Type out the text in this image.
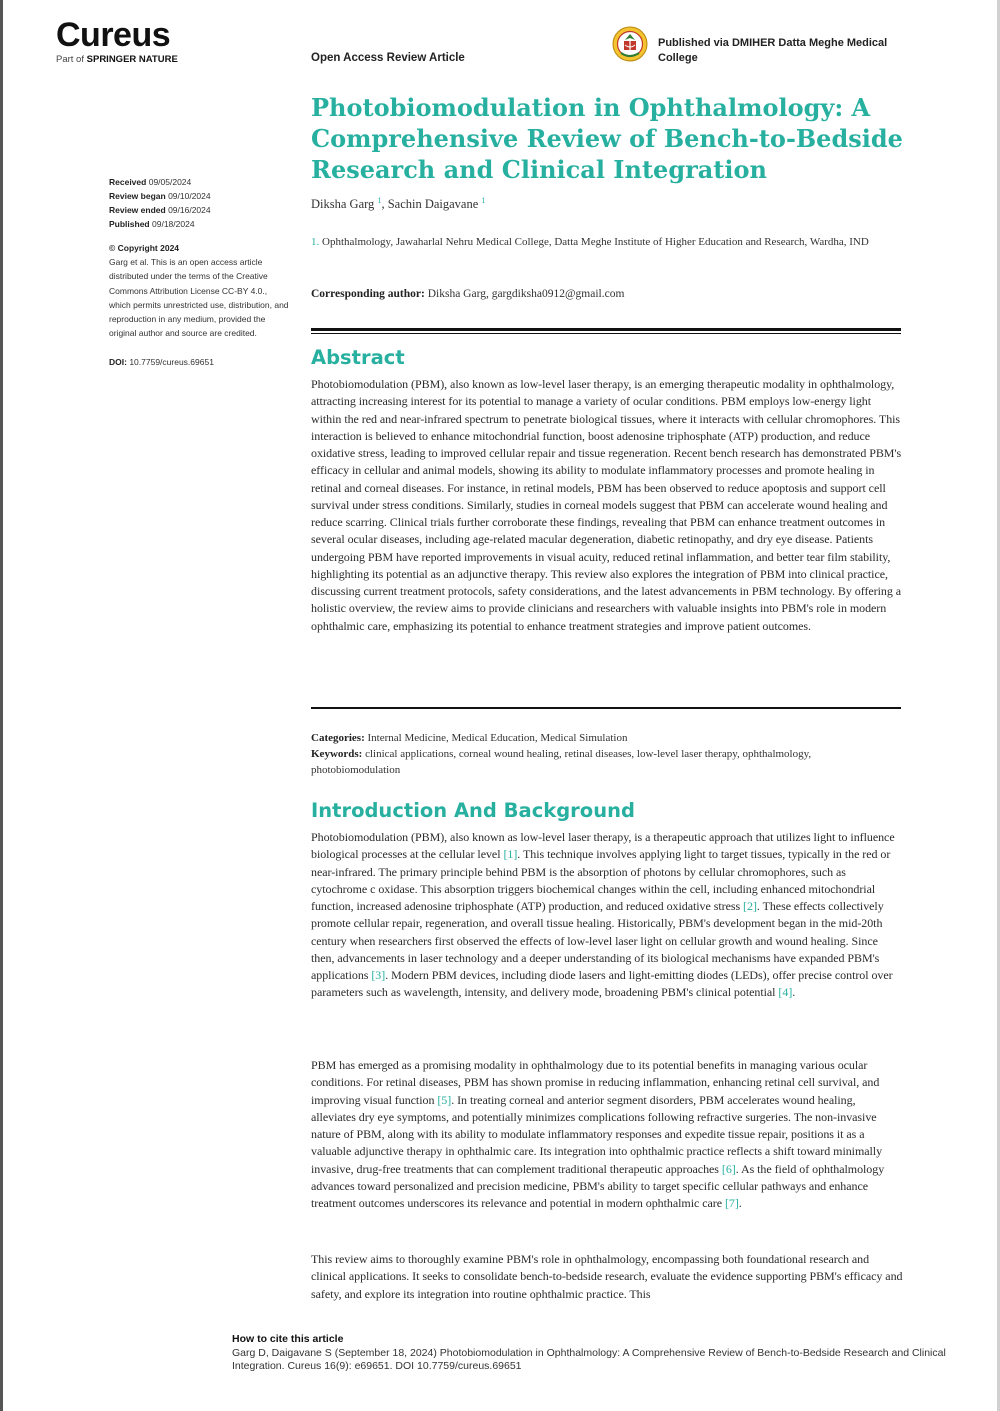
Cureus
Part of SPRINGER NATURE	Open Access Review Article
Published via DMIHER Datta Meghe Medical College
Photobiomodulation in Ophthalmology: A Comprehensive Review of Bench-to-Bedside Research and Clinical Integration
Diksha Garg $^1$, Sachin Daigavane $^1$
1. Ophthalmology, Jawaharlal Nehru Medical College, Datta Meghe Institute of Higher Education and Research, Wardha, IND
Corresponding author: Diksha Garg, gargdiksha0912@gmail.com
Received 09/05/2024
Review began 09/10/2024
Review ended 09/16/2024
Published 09/18/2024
© Copyright 2024
Garg et al. This is an open access article distributed under the terms of the Creative Commons Attribution License CC-BY 4.0., which permits unrestricted use, distribution, and reproduction in any medium, provided the original author and source are credited.
DOI: 10.7759/cureus.69651	Abstract

Photobiomodulation (PBM), also known as low-level laser therapy, is an emerging therapeutic modality in ophthalmology, attracting increasing interest for its potential to manage a variety of ocular conditions. PBM employs low-energy light within the red and near-infrared spectrum to penetrate biological tissues, where it interacts with cellular chromophores. This interaction is believed to enhance mitochondrial function, boost adenosine triphosphate (ATP) production, and reduce oxidative stress, leading to improved cellular repair and tissue regeneration. Recent bench research has demonstrated PBM's efficacy in cellular and animal models, showing its ability to modulate inflammatory processes and promote healing in retinal and corneal diseases. For instance, in retinal models, PBM has been observed to reduce apoptosis and support cell survival under stress conditions. Similarly, studies in corneal models suggest that PBM can accelerate wound healing and reduce scarring. Clinical trials further corroborate these findings, revealing that PBM can enhance treatment outcomes in several ocular diseases, including age-related macular degeneration, diabetic retinopathy, and dry eye disease. Patients undergoing PBM have reported improvements in visual acuity, reduced retinal inflammation, and better tear film stability, highlighting its potential as an adjunctive therapy. This review also explores the integration of PBM into clinical practice, discussing current treatment protocols, safety considerations, and the latest advancements in PBM technology. By offering a holistic overview, the review aims to provide clinicians and researchers with valuable insights into PBM's role in modern ophthalmic care, emphasizing its potential to enhance treatment strategies and improve patient outcomes.

Categories: Internal Medicine, Medical Education, Medical Simulation
Keywords: clinical applications, corneal wound healing, retinal diseases, low-level laser therapy, ophthalmology, photobiomodulation
Introduction And Background

Photobiomodulation (PBM), also known as low-level laser therapy, is a therapeutic approach that utilizes light to influence biological processes at the cellular level [1]. This technique involves applying light to target tissues, typically in the red or near-infrared. The primary principle behind PBM is the absorption of photons by cellular chromophores, such as cytochrome c oxidase. This absorption triggers biochemical changes within the cell, including enhanced mitochondrial function, increased adenosine triphosphate (ATP) production, and reduced oxidative stress [2]. These effects collectively promote cellular repair, regeneration, and overall tissue healing. Historically, PBM's development began in the mid-20th century when researchers first observed the effects of low-level laser light on cellular growth and wound healing. Since then, advancements in laser technology and a deeper understanding of its biological mechanisms have expanded PBM's applications [3]. Modern PBM devices, including diode lasers and light-emitting diodes (LEDs), offer precise control over parameters such as wavelength, intensity, and delivery mode, broadening PBM's clinical potential [4].

PBM has emerged as a promising modality in ophthalmology due to its potential benefits in managing various ocular conditions. For retinal diseases, PBM has shown promise in reducing inflammation, enhancing retinal cell survival, and improving visual function [5]. In treating corneal and anterior segment disorders, PBM accelerates wound healing, alleviates dry eye symptoms, and potentially minimizes complications following refractive surgeries. The non-invasive nature of PBM, along with its ability to modulate inflammatory responses and expedite tissue repair, positions it as a valuable adjunctive therapy in ophthalmic care. Its integration into ophthalmic practice reflects a shift toward minimally invasive, drug-free treatments that can complement traditional therapeutic approaches [6]. As the field of ophthalmology advances toward personalized and precision medicine, PBM's ability to target specific cellular pathways and enhance treatment outcomes underscores its relevance and potential in modern ophthalmic care [7].

This review aims to thoroughly examine PBM's role in ophthalmology, encompassing both foundational research and clinical applications. It seeks to consolidate bench-to-bedside research, evaluate the evidence supporting PBM's efficacy and safety, and explore its integration into routine ophthalmic practice. This

How to cite this article
Garg D, Daigavane S (September 18, 2024) Photobiomodulation in Ophthalmology: A Comprehensive Review of Bench-to-Bedside Research and Clinical Integration. Cureus 16(9): e69651. DOI 10.7759/cureus.69651
